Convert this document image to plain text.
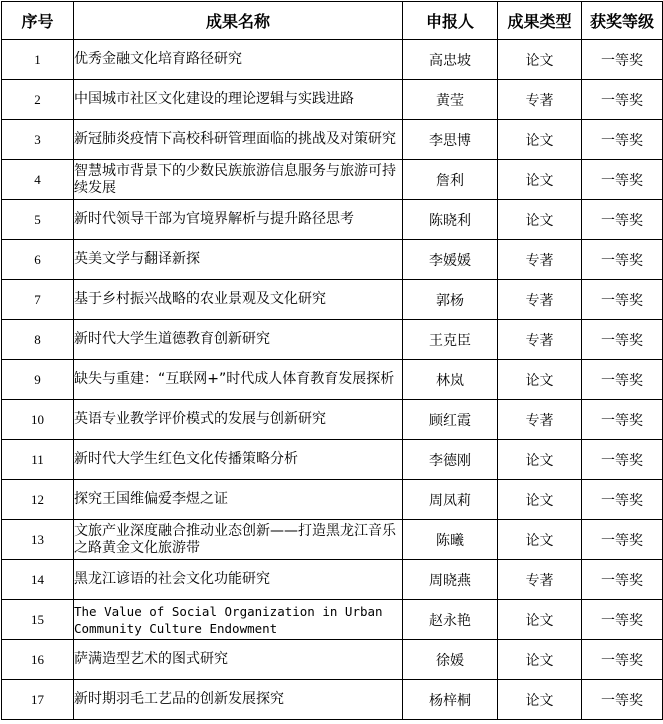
序号	成果名称	申报人	成果类型	获奖等级
1	优秀金融文化培育路径研究	高忠坡	论文	一等奖
2	中国城市社区文化建设的理论逻辑与实践进路	黄莹	专著	一等奖
3	新冠肺炎疫情下高校科研管理面临的挑战及对策研究	李思博	论文	一等奖
4	智慧城市背景下的少数民族旅游信息服务与旅游可持续发展	詹利	论文	一等奖
5	新时代领导干部为官境界解析与提升路径思考	陈晓利	论文	一等奖
6	英美文学与翻译新探	李媛媛	专著	一等奖
7	基于乡村振兴战略的农业景观及文化研究	郭杨	专著	一等奖
8	新时代大学生道德教育创新研究	王克臣	专著	一等奖
9	缺失与重建：“互联网+”时代成人体育教育发展探析	林岚	论文	一等奖
10	英语专业教学评价模式的发展与创新研究	顾红霞	专著	一等奖
11	新时代大学生红色文化传播策略分析	李德刚	论文	一等奖
12	探究王国维偏爱李煜之证	周凤莉	论文	一等奖
13	文旅产业深度融合推动业态创新——打造黑龙江音乐之路黄金文化旅游带	陈曦	论文	一等奖
14	黑龙江谚语的社会文化功能研究	周晓燕	专著	一等奖
15	The Value of Social Organization in Urban Community Culture Endowment	赵永艳	论文	一等奖
16	萨满造型艺术的图式研究	徐媛	论文	一等奖
17	新时期羽毛工艺品的创新发展探究	杨梓桐	论文	一等奖
